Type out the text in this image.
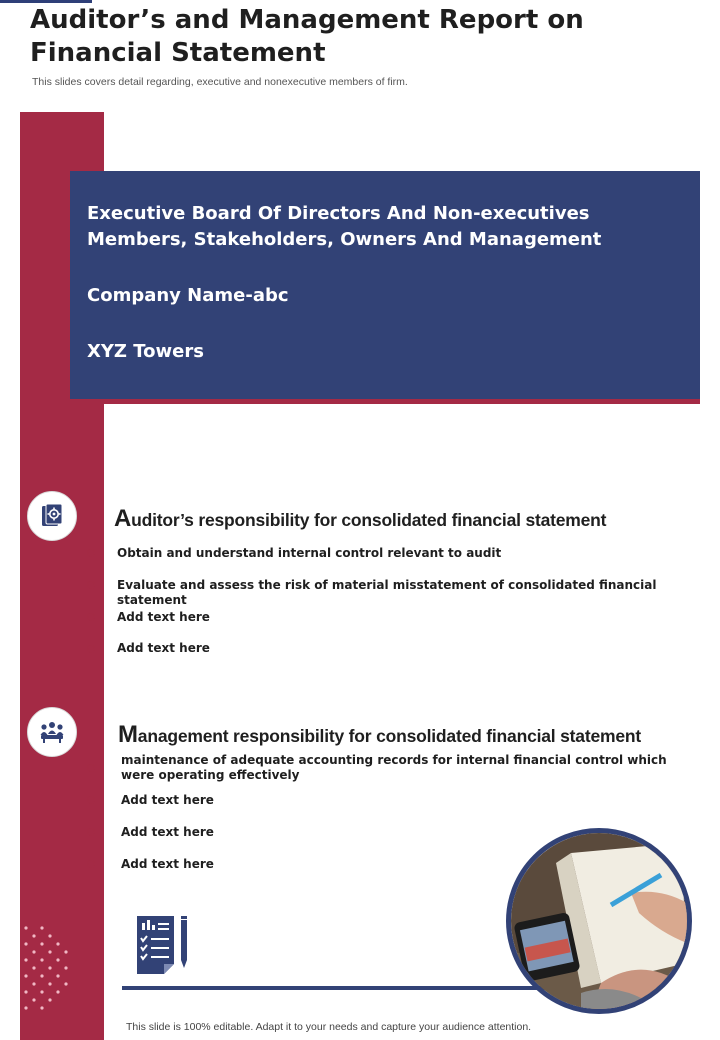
Auditor’s and Management Report on Financial Statement
This slides covers detail regarding, executive and nonexecutive members of firm.

Executive Board Of Directors And Non-executives Members, Stakeholders, Owners And Management

Company Name-abc

XYZ Towers

Auditor’s responsibility for consolidated financial statement
Obtain and understand internal control relevant to audit
Evaluate and assess the risk of material misstatement of consolidated financial statement
Add text here
Add text here
Management responsibility for consolidated financial statement
maintenance of adequate accounting records for internal financial control which were operating effectively
Add text here
Add text here
Add text here
This slide is 100% editable. Adapt it to your needs and capture your audience attention.
